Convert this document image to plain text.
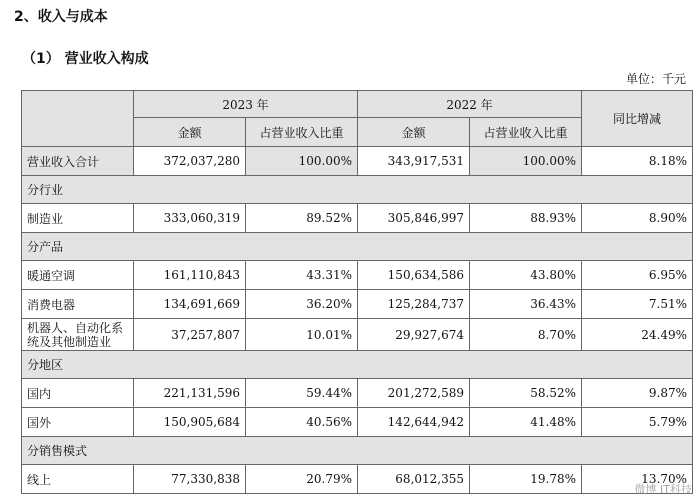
2、收入与成本
（1） 营业收入构成
单位：千元
	2023 年		2022 年		同比增减
	金额	占营业收入比重	金额	占营业收入比重	
营业收入合计	372,037,280	100.00%	343,917,531	100.00%	8.18%
分行业					
制造业	333,060,319	89.52%	305,846,997	88.93%	8.90%
分产品					
暖通空调	161,110,843	43.31%	150,634,586	43.80%	6.95%
消费电器	134,691,669	36.20%	125,284,737	36.43%	7.51%
机器人、自动化系统及其他制造业	37,257,807	10.01%	29,927,674	8.70%	24.49%
分地区					
国内	221,131,596	59.44%	201,272,589	58.52%	9.87%
国外	150,905,684	40.56%	142,644,942	41.48%	5.79%
分销售模式					
线上	77,330,838	20.79%	68,012,355	19.78%	13.70%
微博 IT科技
